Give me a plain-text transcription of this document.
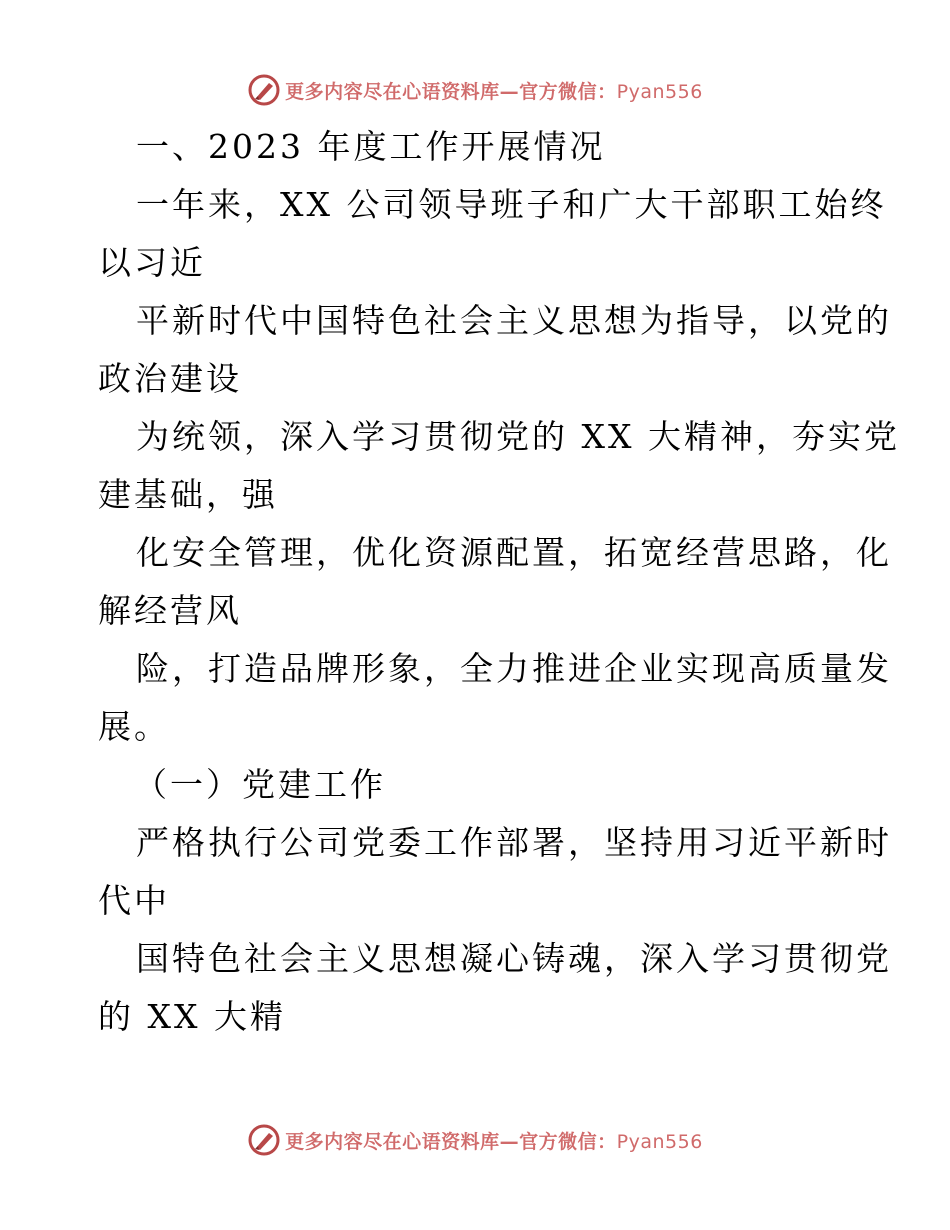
更多内容尽在心语资料库—官方微信：Pyan556
一、2023 年度工作开展情况
一年来，XX 公司领导班子和广大干部职工始终
以习近
平新时代中国特色社会主义思想为指导，以党的
政治建设
为统领，深入学习贯彻党的 XX 大精神，夯实党
建基础，强
化安全管理，优化资源配置，拓宽经营思路，化
解经营风
险，打造品牌形象，全力推进企业实现高质量发
展。
（一）党建工作
严格执行公司党委工作部署，坚持用习近平新时
代中
国特色社会主义思想凝心铸魂，深入学习贯彻党
的 XX 大精
更多内容尽在心语资料库—官方微信：Pyan556
